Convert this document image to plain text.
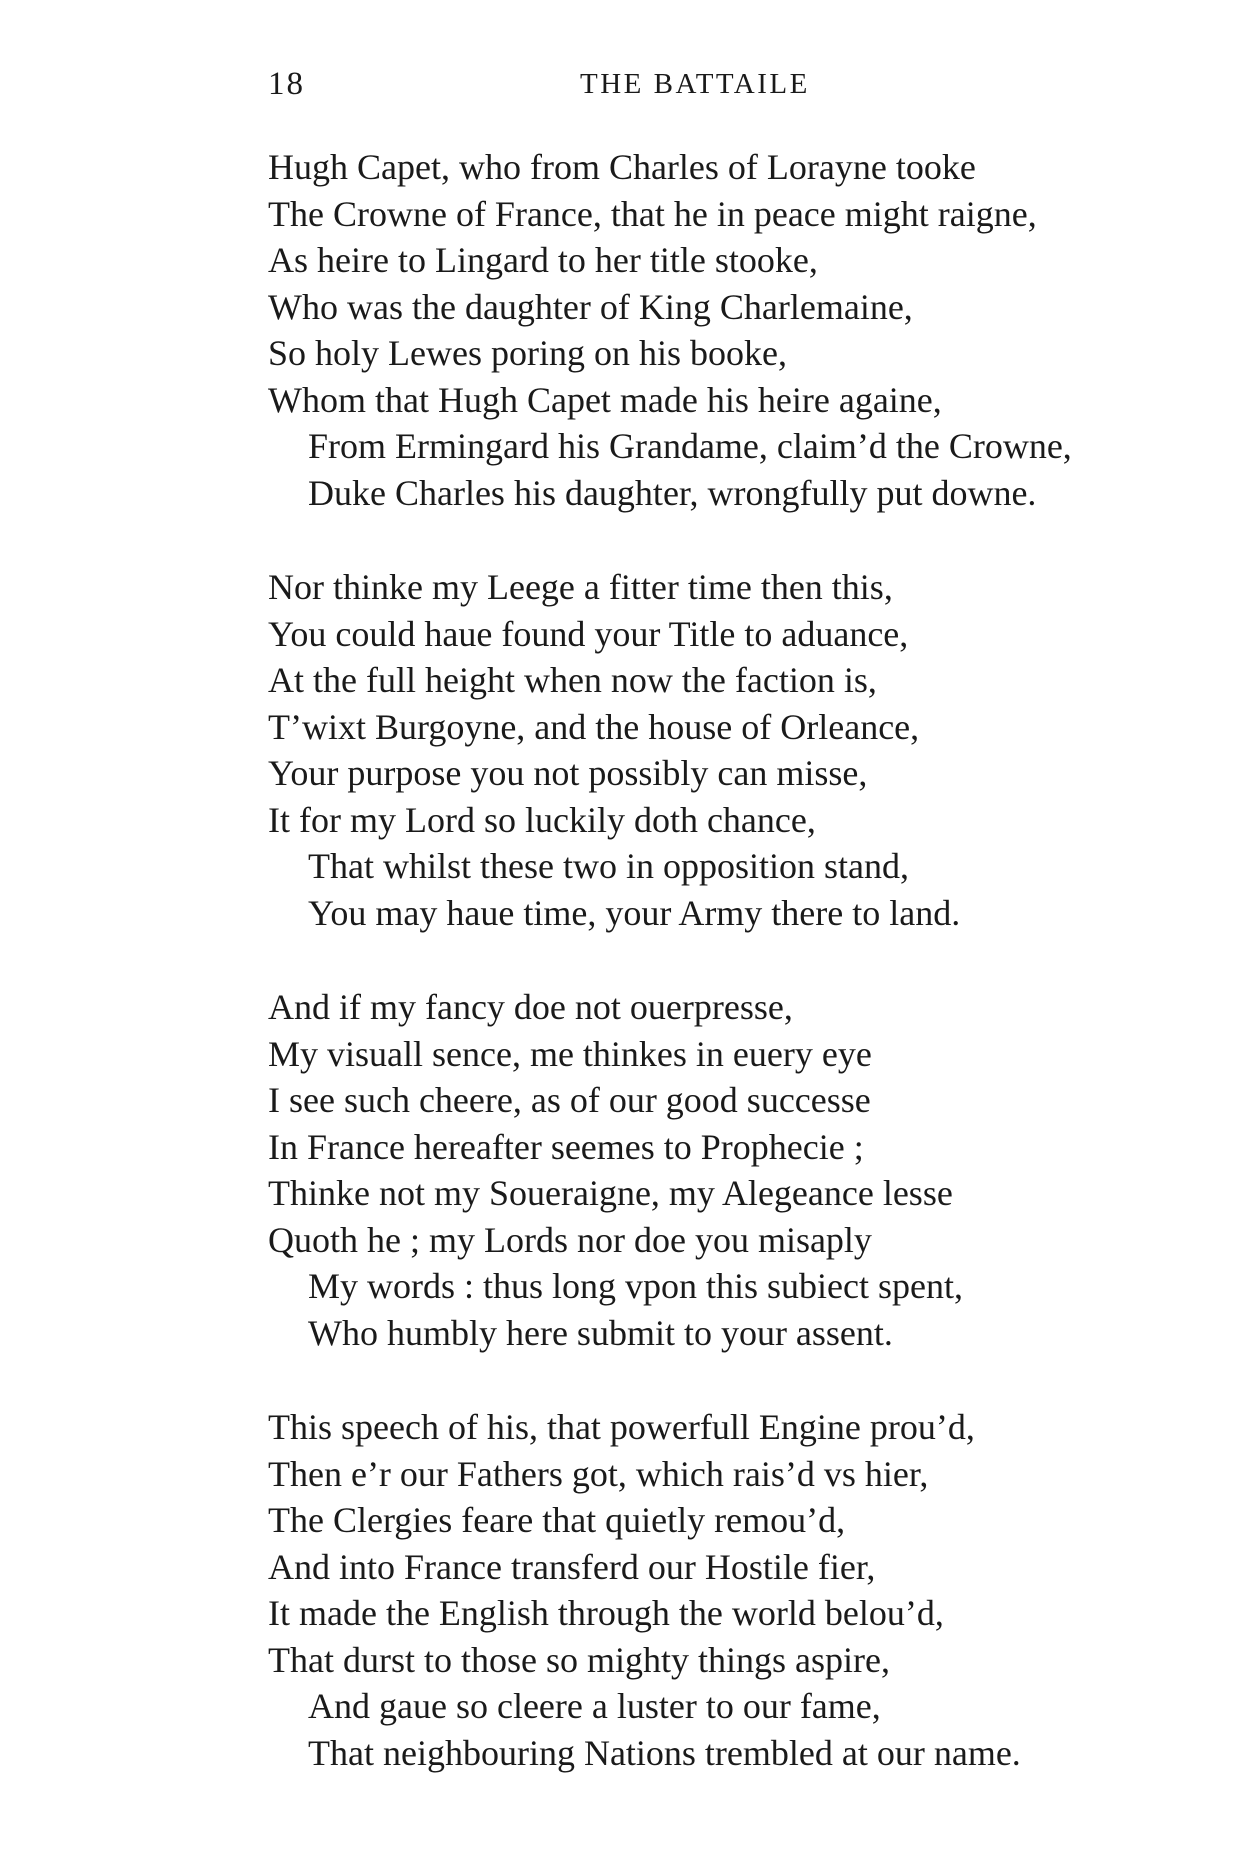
18	THE BATTAILE
Hugh Capet, who from Charles of Lorayne tooke
The Crowne of France, that he in peace might raigne,
As heire to Lingard to her title stooke,
Who was the daughter of King Charlemaine,
So holy Lewes poring on his booke,
Whom that Hugh Capet made his heire againe,
From Ermingard his Grandame, claim’d the Crowne,
Duke Charles his daughter, wrongfully put downe.
Nor thinke my Leege a fitter time then this,
You could haue found your Title to aduance,
At the full height when now the faction is,
T’wixt Burgoyne, and the house of Orleance,
Your purpose you not possibly can misse,
It for my Lord so luckily doth chance,
That whilst these two in opposition stand,
You may haue time, your Army there to land.
And if my fancy doe not ouerpresse,
My visuall sence, me thinkes in euery eye
I see such cheere, as of our good successe
In France hereafter seemes to Prophecie ;
Thinke not my Soueraigne, my Alegeance lesse
Quoth he ; my Lords nor doe you misaply
My words : thus long vpon this subiect spent,
Who humbly here submit to your assent.
This speech of his, that powerfull Engine prou’d,
Then e’r our Fathers got, which rais’d vs hier,
The Clergies feare that quietly remou’d,
And into France transferd our Hostile fier,
It made the English through the world belou’d,
That durst to those so mighty things aspire,
And gaue so cleere a luster to our fame,
That neighbouring Nations trembled at our name.
